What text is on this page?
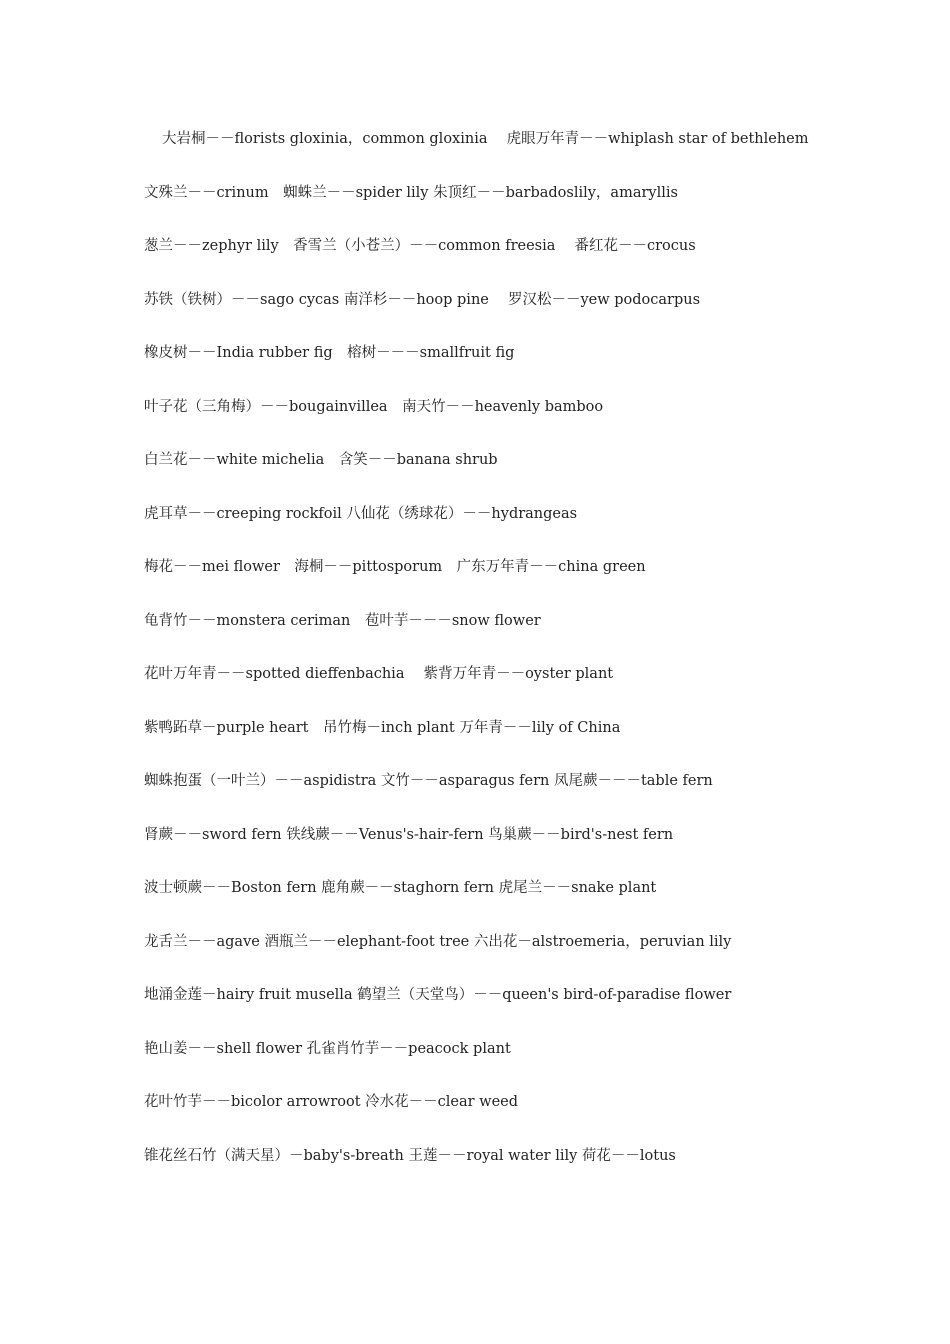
大岩桐－－florists gloxinia，common gloxinia　 虎眼万年青－－whiplash star of bethlehem

文殊兰－－crinum　蜘蛛兰－－spider lily 朱顶红－－barbadoslily，amaryllis

葱兰－－zephyr lily　香雪兰（小苍兰）－－common freesia　 番红花－－crocus

苏铁（铁树）－－sago cycas 南洋杉－－hoop pine　 罗汉松－－yew podocarpus

橡皮树－－India rubber fig　榕树－－－smallfruit fig

叶子花（三角梅）－－bougainvillea　南天竹－－heavenly bamboo

白兰花－－white michelia　含笑－－banana shrub

虎耳草－－creeping rockfoil 八仙花（绣球花）－－hydrangeas

梅花－－mei flower　海桐－－pittosporum　广东万年青－－china green

龟背竹－－monstera ceriman　苞叶芋－－－snow flower

花叶万年青－－spotted dieffenbachia　 紫背万年青－－oyster plant

紫鸭跖草－purple heart　吊竹梅－inch plant 万年青－－lily of China

蜘蛛抱蛋（一叶兰）－－aspidistra 文竹－－asparagus fern 凤尾蕨－－－table fern

肾蕨－－sword fern 铁线蕨－－Venus's-hair-fern 鸟巢蕨－－bird's-nest fern

波士顿蕨－－Boston fern 鹿角蕨－－staghorn fern 虎尾兰－－snake plant

龙舌兰－－agave 酒瓶兰－－elephant-foot tree 六出花－alstroemeria，peruvian lily

地涌金莲－hairy fruit musella 鹤望兰（天堂鸟）－－queen's bird-of-paradise flower

艳山姜－－shell flower 孔雀肖竹芋－－peacock plant

花叶竹芋－－bicolor arrowroot 冷水花－－clear weed

锥花丝石竹（满天星）－baby's-breath 王莲－－royal water lily 荷花－－lotus
